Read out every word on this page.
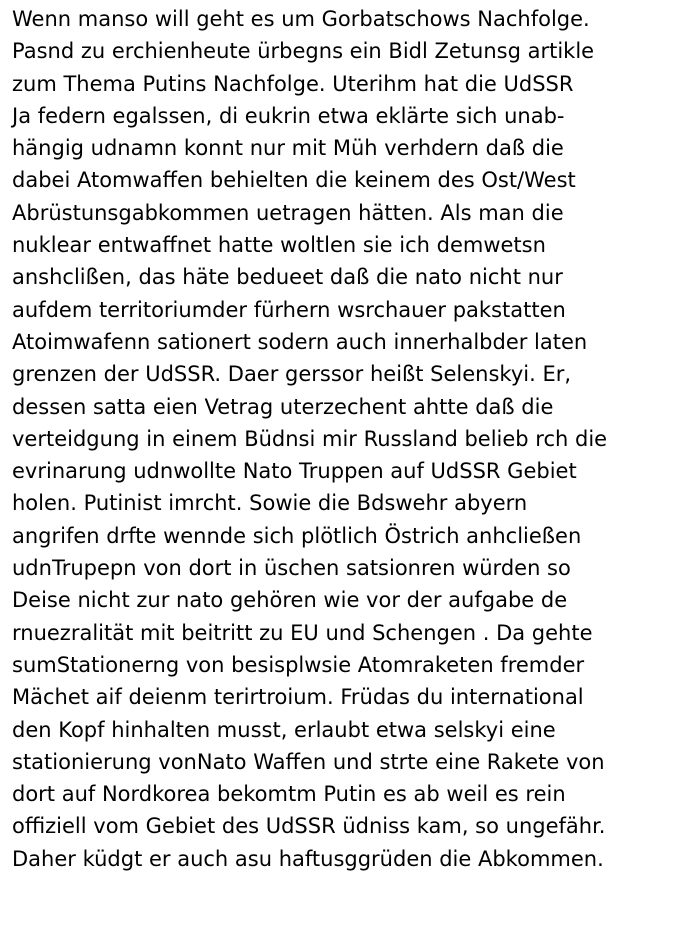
Wenn manso will geht es um Gorbatschows Nachfolge.
Pasnd zu erchienheute ürbegns ein Bidl Zetunsg artikle
zum Thema Putins Nachfolge. Uterihm hat die UdSSR
Ja federn egalssen, di eukrin etwa eklärte sich unab-
hängig udnamn konnt nur mit Müh verhdern daß die
dabei Atomwaffen behielten die keinem des Ost/West
Abrüstunsgabkommen uetragen hätten. Als man die
nuklear entwaffnet hatte woltlen sie ich demwetsn
anshclißen, das häte bedueet daß die nato nicht nur
aufdem territoriumder fürhern wsrchauer pakstatten
Atoimwafenn sationert sodern auch innerhalbder laten
grenzen der UdSSR. Daer gerssor heißt Selenskyi. Er,
dessen satta eien Vetrag uterzechent ahtte daß die
verteidgung in einem Büdnsi mir Russland belieb rch die
evrinarung udnwollte Nato Truppen auf UdSSR Gebiet
holen. Putinist imrcht. Sowie die Bdswehr abyern
angrifen drfte wennde sich plötlich Östrich anhcließen
udnTrupepn von dort in üschen satsionren würden so
Deise nicht zur nato gehören wie vor der aufgabe de
rnuezralität mit beitritt zu EU und Schengen . Da gehte
sumStationerng von besisplwsie Atomraketen fremder
Mächet aif deienm terirtroium. Früdas du international
den Kopf hinhalten musst, erlaubt etwa selskyi eine
stationierung vonNato Waffen und strte eine Rakete von
dort auf Nordkorea bekomtm Putin es ab weil es rein
offiziell vom Gebiet des UdSSR üdniss kam, so ungefähr.
Daher küdgt er auch asu haftusggrüden die Abkommen.
